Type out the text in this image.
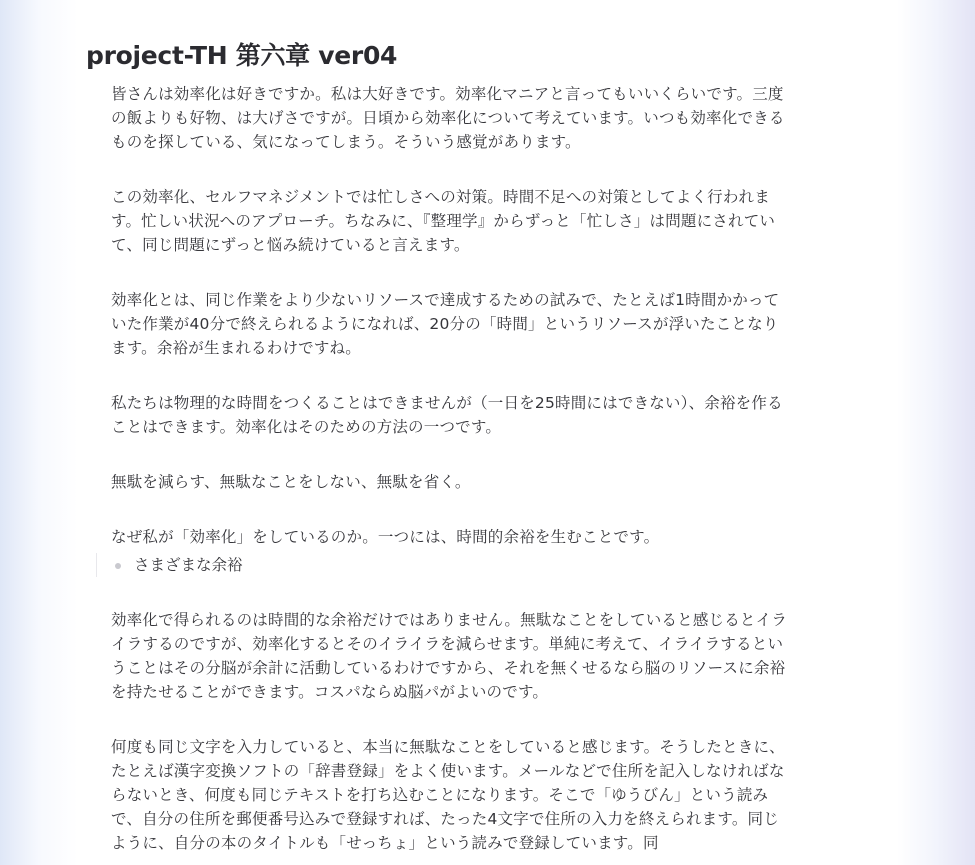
project-TH 第六章 ver04

皆さんは効率化は好きですか。私は大好きです。効率化マニアと言ってもいいくらいです。三度の飯よりも好物、は大げさですが。日頃から効率化について考えています。いつも効率化できるものを探している、気になってしまう。そういう感覚があります。

この効率化、セルフマネジメントでは忙しさへの対策。時間不足への対策としてよく行われます。忙しい状況へのアプローチ。ちなみに、『整理学』からずっと「忙しさ」は問題にされていて、同じ問題にずっと悩み続けていると言えます。

効率化とは、同じ作業をより少ないリソースで達成するための試みで、たとえば1時間かかっていた作業が40分で終えられるようになれば、20分の「時間」というリソースが浮いたことなります。余裕が生まれるわけですね。

私たちは物理的な時間をつくることはできませんが（一日を25時間にはできない）、余裕を作ることはできます。効率化はそのための方法の一つです。

無駄を減らす、無駄なことをしない、無駄を省く。

なぜ私が「効率化」をしているのか。一つには、時間的余裕を生むことです。

さまざまな余裕

効率化で得られるのは時間的な余裕だけではありません。無駄なことをしていると感じるとイライラするのですが、効率化するとそのイライラを減らせます。単純に考えて、イライラするということはその分脳が余計に活動しているわけですから、それを無くせるなら脳のリソースに余裕を持たせることができます。コスパならぬ脳パがよいのです。

何度も同じ文字を入力していると、本当に無駄なことをしていると感じます。そうしたときに、たとえば漢字変換ソフトの「辞書登録」をよく使います。メールなどで住所を記入しなければならないとき、何度も同じテキストを打ち込むことになります。そこで「ゆうびん」という読みで、自分の住所を郵便番号込みで登録すれば、たった4文字で住所の入力を終えられます。同じように、自分の本のタイトルも「せっちょ」という読みで登録しています。同
